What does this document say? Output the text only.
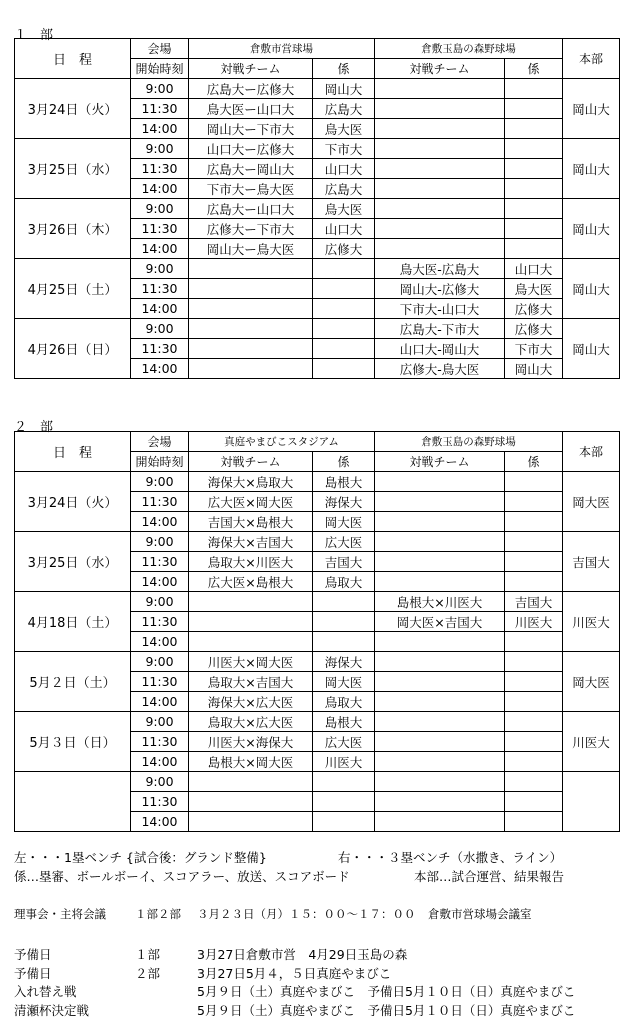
１　部
日　程	会場	倉敷市営球場		倉敷玉島の森野球場		本部
	開始時刻	対戦チーム	係	対戦チーム	係	
3月24日（火）	9:00	広島大ー広修大	岡山大			岡山大
	11:30	鳥大医ー山口大	広島大			
	14:00	岡山大ー下市大	鳥大医			
3月25日（水）	9:00	山口大ー広修大	下市大			岡山大
	11:30	広島大ー岡山大	山口大			
	14:00	下市大ー鳥大医	広島大			
3月26日（木）	9:00	広島大ー山口大	鳥大医			岡山大
	11:30	広修大ー下市大	山口大			
	14:00	岡山大ー鳥大医	広修大			
4月25日（土）	9:00			鳥大医-広島大	山口大	岡山大
	11:30			岡山大-広修大	鳥大医	
	14:00			下市大-山口大	広修大	
4月26日（日）	9:00			広島大-下市大	広修大	岡山大
	11:30			山口大-岡山大	下市大	
	14:00			広修大-鳥大医	岡山大	
２　部
日　程	会場	真庭やまびこスタジアム		倉敷玉島の森野球場		本部
	開始時刻	対戦チーム	係	対戦チーム	係	
3月24日（火）	9:00	海保大×鳥取大	島根大			岡大医
	11:30	広大医×岡大医	海保大			
	14:00	吉国大×島根大	岡大医			
3月25日（水）	9:00	海保大×吉国大	広大医			吉国大
	11:30	鳥取大×川医大	吉国大			
	14:00	広大医×島根大	鳥取大			
4月18日（土）	9:00			島根大×川医大	吉国大	川医大
	11:30			岡大医×吉国大	川医大	
	14:00					
5月２日（土）	9:00	川医大×岡大医	海保大			岡大医
	11:30	鳥取大×吉国大	岡大医			
	14:00	海保大×広大医	鳥取大			
5月３日（日）	9:00	鳥取大×広大医	島根大			川医大
	11:30	川医大×海保大	広大医			
	14:00	島根大×岡大医	川医大			
	9:00					
	11:30					
	14:00					
左・・・1塁ベンチ {試合後：グランド整備}	右・・・３塁ベンチ（水撒き、ライン）
係…塁審、ボールボーイ、スコアラー、放送、スコアボード	本部…試合運営、結果報告
理事会・主将会議	１部２部 ３月２３日（月）１５：００～１７：００ 倉敷市営球場会議室
予備日	１部	3月27日倉敷市営　4月29日玉島の森
予備日	２部	3月27日5月４，５日真庭やまびこ
入れ替え戦	5月９日（土）真庭やまびこ　予備日5月１０日（日）真庭やまびこ
清瀬杯決定戦	5月９日（土）真庭やまびこ　予備日5月１０日（日）真庭やまびこ
